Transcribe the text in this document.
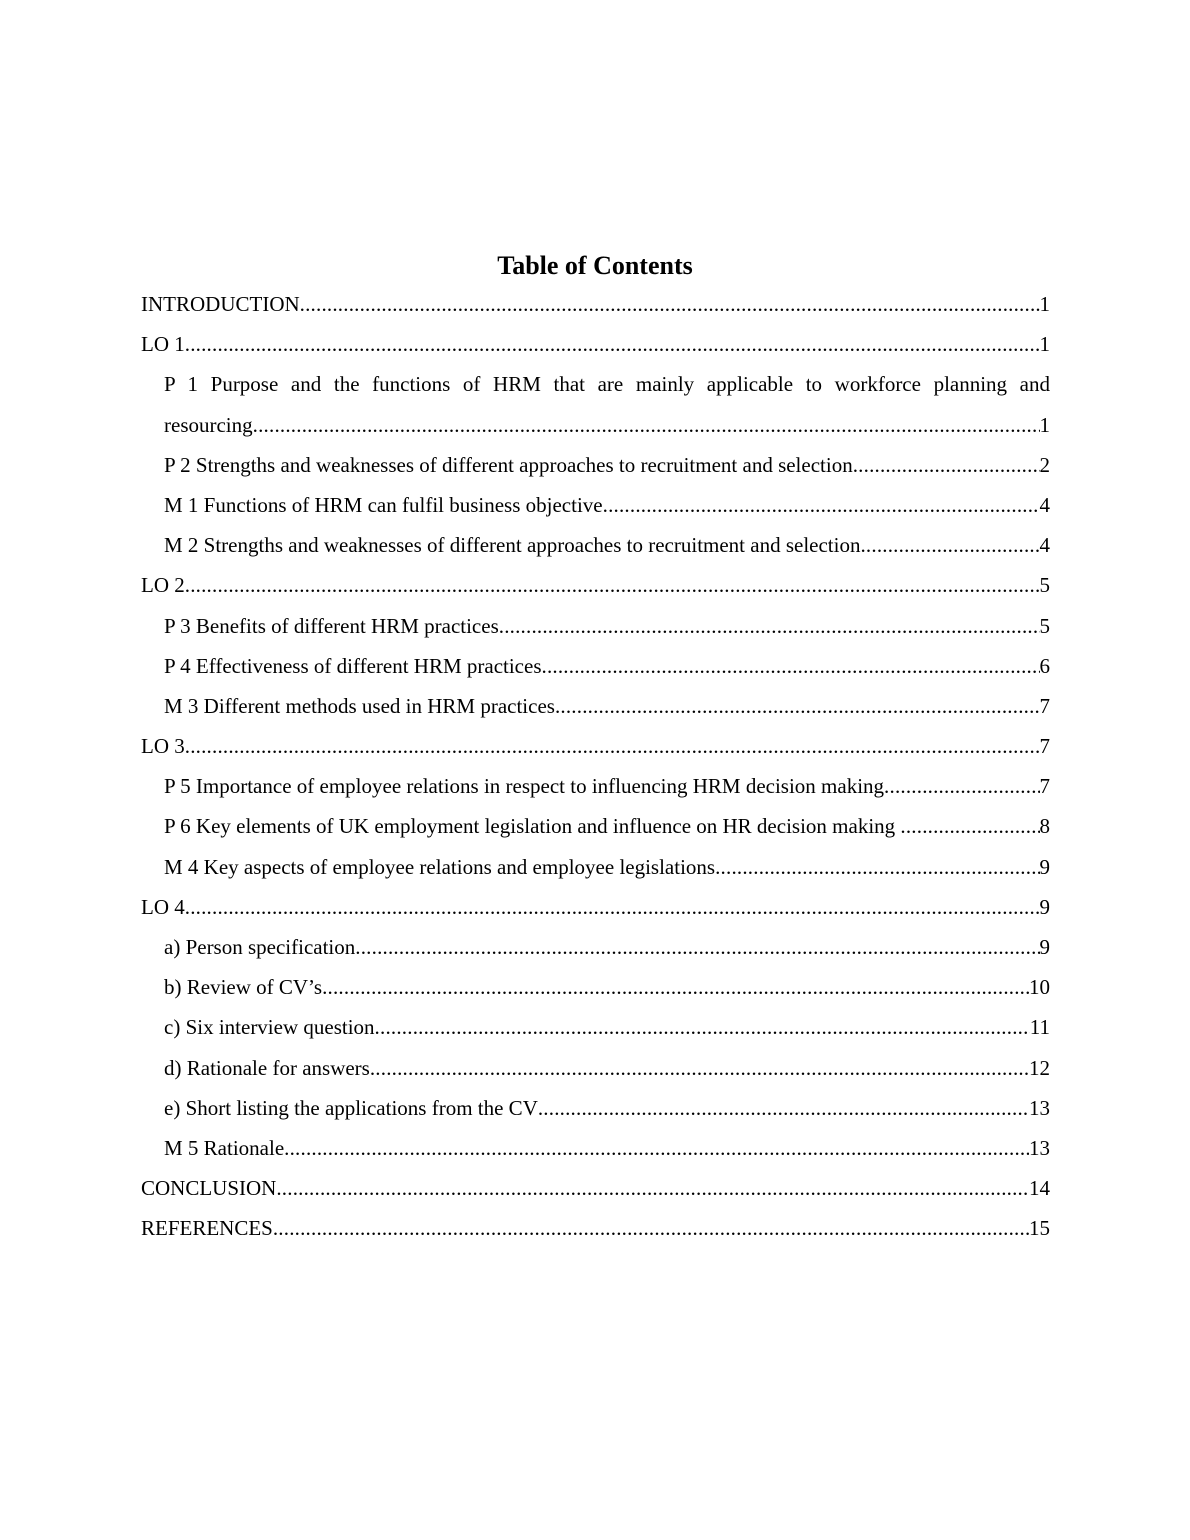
Table of Contents
INTRODUCTION .....	1
LO 1 .....	1
P 1 Purpose and the functions of HRM that are mainly applicable to workforce planning and
resourcing .....	1
P 2 Strengths and weaknesses of different approaches to recruitment and selection .....	2
M 1 Functions of HRM can fulfil business objective .....	4
M 2 Strengths and weaknesses of different approaches to recruitment and selection .....	4
LO 2 .....	5
P 3 Benefits of different HRM practices .....	5
P 4 Effectiveness of different HRM practices .....	6
M 3 Different methods used in HRM practices .....	7
LO 3 .....	7
P 5 Importance of employee relations in respect to influencing HRM decision making .....	7
P 6 Key elements of UK employment legislation and influence on HR decision making .....	8
M 4 Key aspects of employee relations and employee legislations .....	9
LO 4 .....	9
a) Person specification .....	9
b) Review of CV’s .....	10
c) Six interview question .....	11
d) Rationale for answers .....	12
e) Short listing the applications from the CV .....	13
M 5 Rationale .....	13
CONCLUSION .....	14
REFERENCES .....	15
